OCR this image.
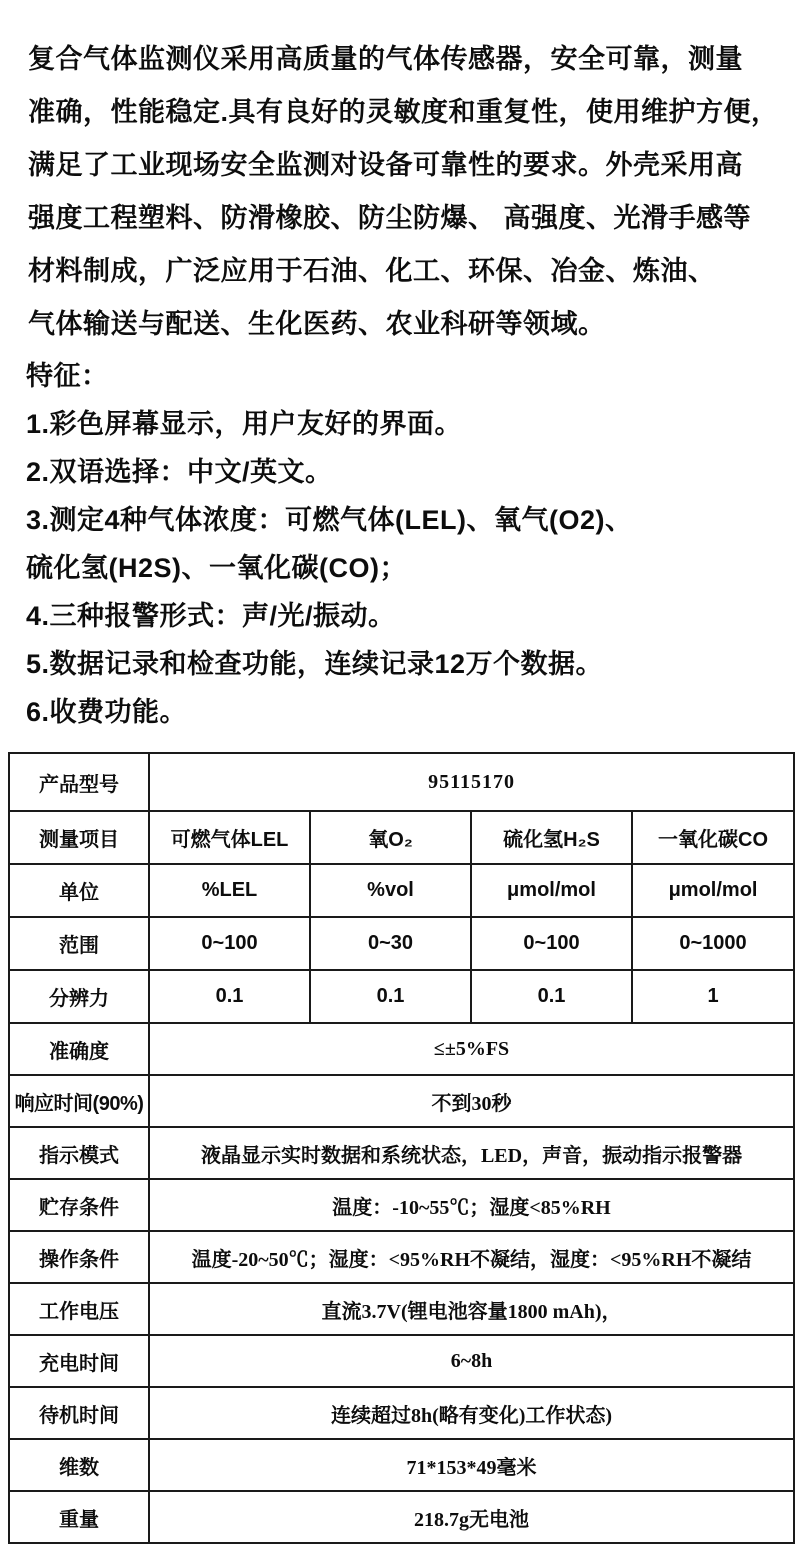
复合气体监测仪采用高质量的气体传感器，安全可靠，测量
准确，性能稳定.具有良好的灵敏度和重复性，使用维护方便，
满足了工业现场安全监测对设备可靠性的要求。外壳采用高
强度工程塑料、防滑橡胶、防尘防爆、 高强度、光滑手感等
材料制成，广泛应用于石油、化工、环保、冶金、炼油、
气体输送与配送、生化医药、农业科研等领域。
特征：
1.彩色屏幕显示，用户友好的界面。
2.双语选择：中文/英文。
3.测定4种气体浓度：可燃气体(LEL)、氧气(O2)、
硫化氢(H2S)、一氧化碳(CO)；
4.三种报警形式：声/光/振动。
5.数据记录和检查功能，连续记录12万个数据。
6.收费功能。
产品型号	95115170			
测量项目	可燃气体LEL	氧O₂	硫化氢H₂S	一氧化碳CO
单位	%LEL	%vol	μmol/mol	μmol/mol
范围	0~100	0~30	0~100	0~1000
分辨力	0.1	0.1	0.1	1
准确度	≤±5%FS			
响应时间(90%)	不到30秒			
指示模式	液晶显示实时数据和系统状态，LED，声音，振动指示报警器			
贮存条件	温度：-10~55℃；湿度<85%RH			
操作条件	温度-20~50℃；湿度：<95%RH不凝结，湿度：<95%RH不凝结			
工作电压	直流3.7V(锂电池容量1800 mAh)，			
充电时间	6~8h			
待机时间	连续超过8h(略有变化)工作状态)			
维数	71*153*49毫米			
重量	218.7g无电池			
